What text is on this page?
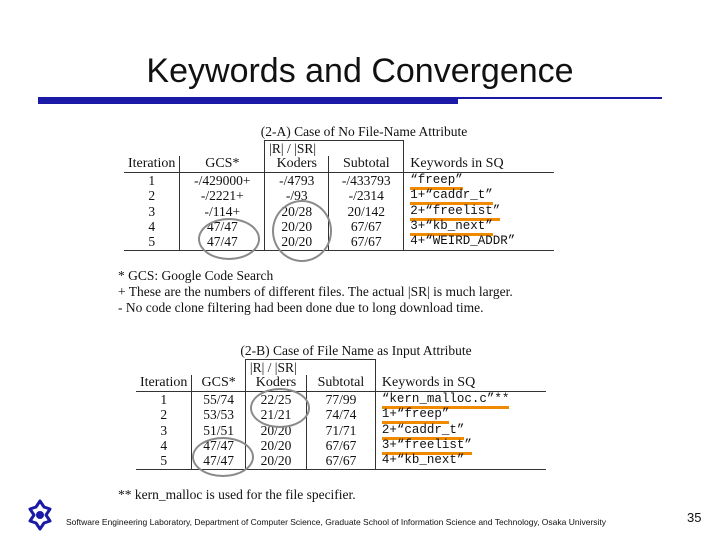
Keywords and Convergence
(2-A) Case of No File-Name Attribute
		|R| / |SR|			
Iteration	GCS*	Koders	Subtotal	Keywords in SQ	
1	-/429000+	-/4793	-/433793	“freep”	
2	-/2221+	-/93	-/2314	1+“caddr_t”	
3	-/114+	20/28	20/142	2+“freelist”	
4	47/47	20/20	67/67	3+“kb_next”	
5	47/47	20/20	67/67	4+“WEIRD_ADDR”	
* GCS: Google Code Search
+ These are the numbers of different files. The actual |SR| is much larger.
- No code clone filtering had been done due to long download time.
(2-B) Case of File Name as Input Attribute
		|R| / |SR|			
Iteration	GCS*	Koders	Subtotal	Keywords in SQ	
1	55/74	22/25	77/99	“kern_malloc.c”**	
2	53/53	21/21	74/74	1+“freep”	
3	51/51	20/20	71/71	2+“caddr_t”	
4	47/47	20/20	67/67	3+“freelist”	
5	47/47	20/20	67/67	4+“kb_next”	
** kern_malloc is used for the file specifier.
Software Engineering Laboratory, Department of Computer Science, Graduate School of Information Science and Technology, Osaka University	35
